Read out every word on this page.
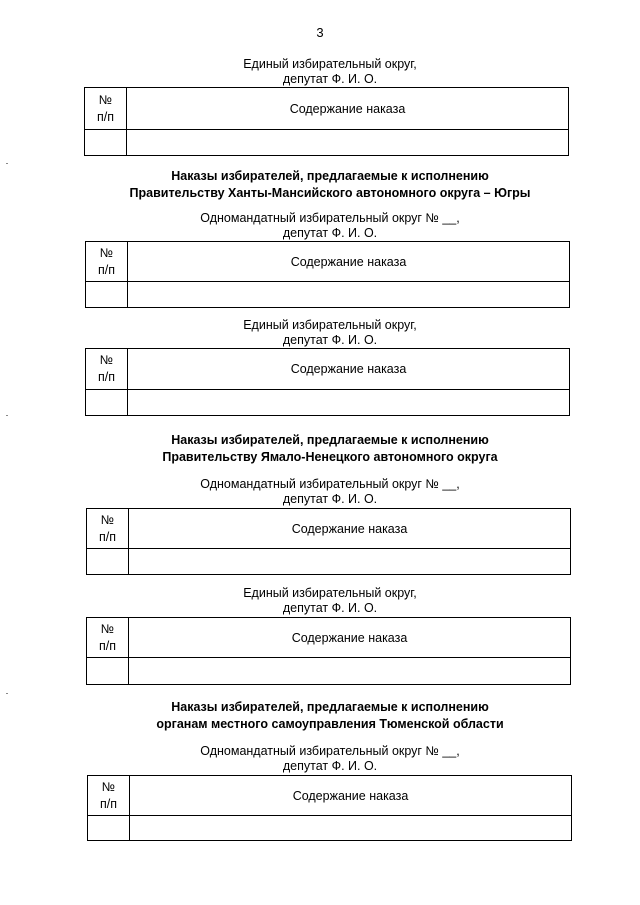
3
Единый избирательный округ,
депутат Ф. И. О.
№
п/п	Содержание наказа

Наказы избирателей, предлагаемые к исполнению
Правительству Ханты-Мансийского автономного округа – Югры
Одномандатный избирательный округ № __,
депутат Ф. И. О.
№
п/п	Содержание наказа

Единый избирательный округ,
депутат Ф. И. О.
№
п/п	Содержание наказа

Наказы избирателей, предлагаемые к исполнению
Правительству Ямало-Ненецкого автономного округа
Одномандатный избирательный округ № __,
депутат Ф. И. О.
№
п/п	Содержание наказа

Единый избирательный округ,
депутат Ф. И. О.
№
п/п	Содержание наказа

Наказы избирателей, предлагаемые к исполнению
органам местного самоуправления Тюменской области
Одномандатный избирательный округ № __,
депутат Ф. И. О.
№
п/п	Содержание наказа
